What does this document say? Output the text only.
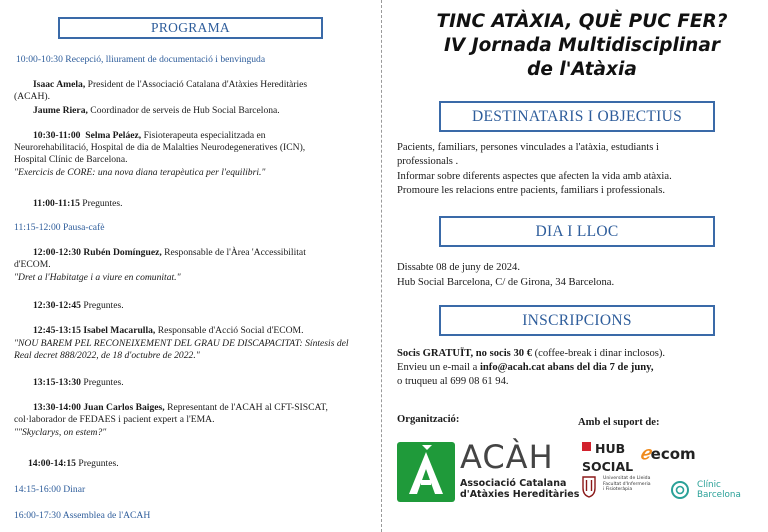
PROGRAMA
10:00-10:30 Recepció, lliurament de documentació i benvinguda
Isaac Amela, President de l'Associació Catalana d'Atàxies Hereditàries
(ACAH).
Jaume Riera, Coordinador de serveis de Hub Social Barcelona.
10:30-11:00 Selma Peláez, Fisioterapeuta especialitzada en
Neurorehabilitació, Hospital de dia de Malalties Neurodegeneratives (ICN),
Hospital Clínic de Barcelona.
"Exercicis de CORE: una nova diana terapèutica per l'equilibri."
11:00-11:15 Preguntes.
11:15-12:00 Pausa-cafè
12:00-12:30 Rubén Domínguez, Responsable de l'Àrea 'Accessibilitat
d'ECOM.
"Dret a l'Habitatge i a viure en comunitat."
12:30-12:45 Preguntes.
12:45-13:15 Isabel Macarulla, Responsable d'Acció Social d'ECOM.
"NOU BAREM PEL RECONEIXEMENT DEL GRAU DE DISCAPACITAT: Síntesis del
Real decret 888/2022, de 18 d'octubre de 2022."
13:15-13:30 Preguntes.
13:30-14:00 Juan Carlos Baiges, Representant de l'ACAH al CFT-SISCAT,
col·laborador de FEDAES i pacient expert a l'EMA.
""Skyclarys, on estem?"
14:00-14:15 Preguntes.
14:15-16:00 Dinar
16:00-17:30 Assemblea de l'ACAH
TINC ATÀXIA, QUÈ PUC FER?
IV Jornada Multidisciplinar
de l'Atàxia
DESTINATARIS I OBJECTIUS
Pacients, familiars, persones vinculades a l'atàxia, estudiants i
professionals .
Informar sobre diferents aspectes que afecten la vida amb atàxia.
Promoure les relacions entre pacients, familiars i professionals.
DIA I LLOC
Dissabte 08 de juny de 2024.
Hub Social Barcelona, C/ de Girona, 34 Barcelona.
INSCRIPCIONS
Socis GRATUÏT, no socis 30 € (coffee-break i dinar inclosos).
Envieu un e-mail a info@acah.cat abans del dia 7 de juny,
o truqueu al 699 08 61 94.
Organització:	Amb el suport de:
ACÀH
Associació Catalana
d'Atàxies Hereditàries
HUB
SOCIAL
ℯecom

Universitat de Lleida
Facultat d'Infermeria
i Fisioteràpia
	Clínic
Barcelona
